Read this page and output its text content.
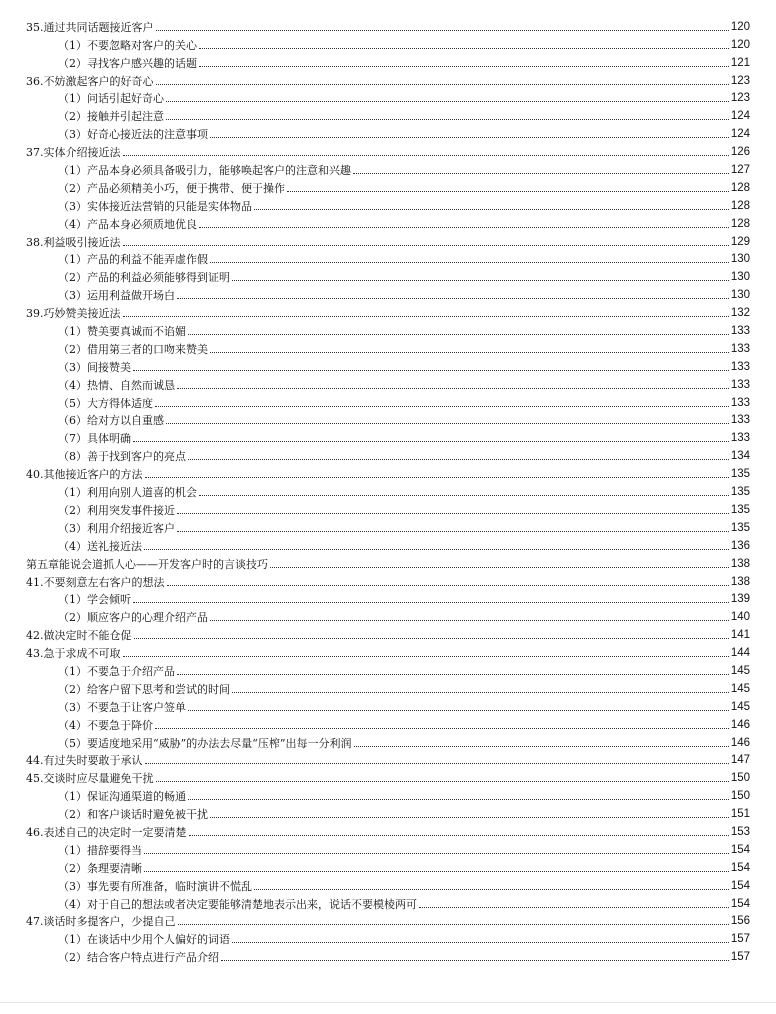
35.通过共同话题接近客户	120
（1）不要忽略对客户的关心	120
（2）寻找客户感兴趣的话题	121
36.不妨激起客户的好奇心	123
（1）问话引起好奇心	123
（2）接触并引起注意	124
（3）好奇心接近法的注意事项	124
37.实体介绍接近法	126
（1）产品本身必须具备吸引力，能够唤起客户的注意和兴趣	127
（2）产品必须精美小巧，便于携带、便于操作	128
（3）实体接近法营销的只能是实体物品	128
（4）产品本身必须质地优良	128
38.利益吸引接近法	129
（1）产品的利益不能弄虚作假	130
（2）产品的利益必须能够得到证明	130
（3）运用利益做开场白	130
39.巧妙赞美接近法	132
（1）赞美要真诚而不谄媚	133
（2）借用第三者的口吻来赞美	133
（3）间接赞美	133
（4）热情、自然而诚恳	133
（5）大方得体适度	133
（6）给对方以自重感	133
（7）具体明确	133
（8）善于找到客户的亮点	134
40.其他接近客户的方法	135
（1）利用向别人道喜的机会	135
（2）利用突发事件接近	135
（3）利用介绍接近客户	135
（4）送礼接近法	136
第五章能说会道抓人心——开发客户时的言谈技巧	138
41.不要刻意左右客户的想法	138
（1）学会倾听	139
（2）顺应客户的心理介绍产品	140
42.做决定时不能仓促	141
43.急于求成不可取	144
（1）不要急于介绍产品	145
（2）给客户留下思考和尝试的时间	145
（3）不要急于让客户签单	145
（4）不要急于降价	146
（5）要适度地采用“威胁”的办法去尽量“压榨”出每一分利润	146
44.有过失时要敢于承认	147
45.交谈时应尽量避免干扰	150
（1）保证沟通渠道的畅通	150
（2）和客户谈话时避免被干扰	151
46.表述自己的决定时一定要清楚	153
（1）措辞要得当	154
（2）条理要清晰	154
（3）事先要有所准备，临时演讲不慌乱	154
（4）对于自己的想法或者决定要能够清楚地表示出来，说话不要模棱两可	154
47.谈话时多提客户，少提自己	156
（1）在谈话中少用个人偏好的词语	157
（2）结合客户特点进行产品介绍	157
